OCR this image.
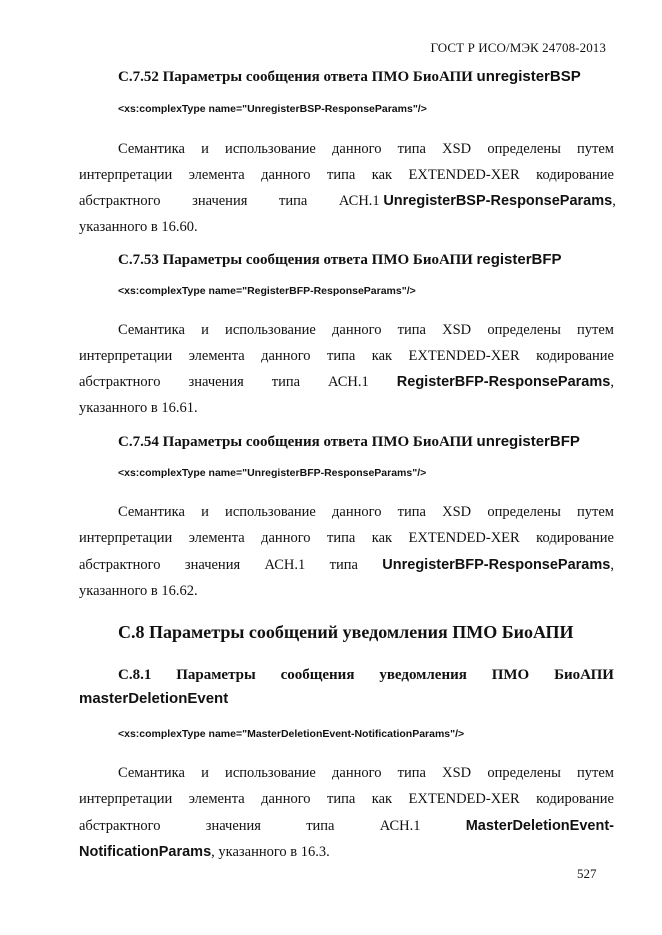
ГОСТ Р ИСО/МЭК 24708-2013
C.7.52 Параметры сообщения ответа ПМО БиоАПИ unregisterBSP
<xs:complexType name="UnregisterBSP-ResponseParams"/>
Семантика и использование данного типа XSD определены путем
интерпретации элемента данного типа как EXTENDED-XER кодирование
абстрактного значения типа АСН.1 UnregisterBSP-ResponseParams,
указанного в 16.60.
C.7.53 Параметры сообщения ответа ПМО БиоАПИ registerBFP
<xs:complexType name="RegisterBFP-ResponseParams"/>
Семантика и использование данного типа XSD определены путем
интерпретации элемента данного типа как EXTENDED-XER кодирование
абстрактного значения типа АСН.1 RegisterBFP-ResponseParams,
указанного в 16.61.
C.7.54 Параметры сообщения ответа ПМО БиоАПИ unregisterBFP
<xs:complexType name="UnregisterBFP-ResponseParams"/>
Семантика и использование данного типа XSD определены путем
интерпретации элемента данного типа как EXTENDED-XER кодирование
абстрактного значения АСН.1 типа UnregisterBFP-ResponseParams,
указанного в 16.62.
C.8 Параметры сообщений уведомления ПМО БиоАПИ
C.8.1 Параметры сообщения уведомления ПМО БиоАПИ
masterDeletionEvent
<xs:complexType name="MasterDeletionEvent-NotificationParams"/>
Семантика и использование данного типа XSD определены путем
интерпретации элемента данного типа как EXTENDED-XER кодирование
абстрактного	значения	типа	АСН.1	MasterDeletionEvent-
NotificationParams, указанного в 16.3.
527
